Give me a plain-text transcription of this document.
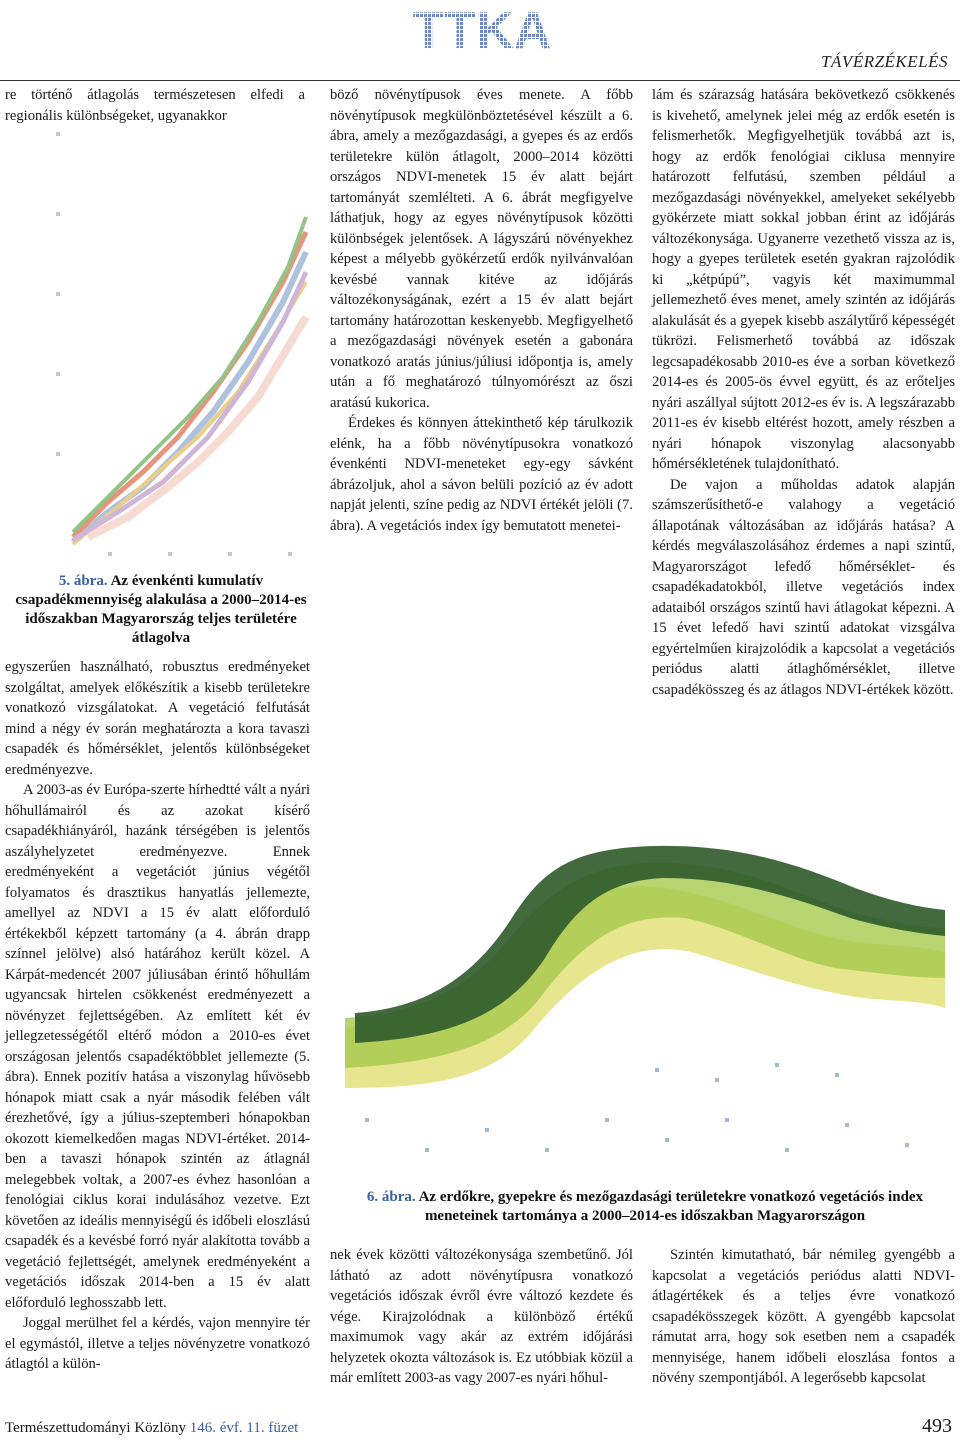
TTKA
TÁVÉRZÉKELÉS
5. ábra. Az évenkénti kumulatív csapadékmennyiség alakulása a 2000–2014-es időszakban Magyarország teljes területére átlagolva

re történő átlagolás természetesen elfedi a regionális különbségeket, ugyanakkor

egyszerűen használható, robusztus eredményeket szolgáltat, amelyek előkészítik a kisebb területekre vonatkozó vizsgálatokat. A vegetáció felfutását mind a négy év során meghatározta a kora tavaszi csapadék és hőmérséklet, jelentős különbségeket eredményezve.

A 2003-as év Európa-szerte hírhedtté vált a nyári hőhullámairól és az azokat kísérő csapadékhiányáról, hazánk térségében is jelentős aszályhelyzetet eredményezve. Ennek eredményeként a vegetációt június végétől folyamatos és drasztikus hanyatlás jellemezte, amellyel az NDVI a 15 év alatt előforduló értékekből képzett tartomány (a 4. ábrán drapp színnel jelölve) alsó határához került közel. A Kárpát-medencét 2007 júliusában érintő hőhullám ugyancsak hirtelen csökkenést eredményezett a növényzet fejlettségében. Az említett két év jellegzetességétől eltérő módon a 2010-es évet országosan jelentős csapadéktöbblet jellemezte (5. ábra). Ennek pozitív hatása a viszonylag hűvösebb hónapok miatt csak a nyár második felében vált érezhetővé, így a július-szeptemberi hónapokban okozott kiemelkedően magas NDVI-értéket. 2014-ben a tavaszi hónapok szintén az átlagnál melegebbek voltak, a 2007-es évhez hasonlóan a fenológiai ciklus korai indulásához vezetve. Ezt követően az ideális mennyiségű és időbeli eloszlású csapadék és a kevésbé forró nyár alakította tovább a vegetáció fejlettségét, amelynek eredményeként a vegetációs időszak 2014-ben a 15 év alatt előforduló leghosszabb lett.

Joggal merülhet fel a kérdés, vajon mennyire tér el egymástól, illetve a teljes növényzetre vonatkozó átlagtól a külön-

böző növénytípusok éves menete. A főbb növénytípusok megkülönböztetésével készült a 6. ábra, amely a mezőgazdasági, a gyepes és az erdős területekre külön átlagolt, 2000–2014 közötti országos NDVI-menetek 15 év alatt bejárt tartományát szemlélteti. A 6. ábrát megfigyelve láthatjuk, hogy az egyes növénytípusok közötti különbségek jelentősek. A lágyszárú növényekhez képest a mélyebb gyökérzetű erdők nyilvánvalóan kevésbé vannak kitéve az időjárás változékonyságának, ezért a 15 év alatt bejárt tartomány határozottan keskenyebb. Megfigyelhető a mezőgazdasági növények esetén a gabonára vonatkozó aratás június/júliusi időpontja is, amely után a fő meghatározó túlnyomórészt az őszi aratású kukorica.

Érdekes és könnyen áttekinthető kép tárulkozik elénk, ha a főbb növénytípusokra vonatkozó évenkénti NDVI-meneteket egy-egy sávként ábrázoljuk, ahol a sávon belüli pozíció az év adott napját jelenti, színe pedig az NDVI értékét jelöli (7. ábra). A vegetációs index így bemutatott menetei-

lám és szárazság hatására bekövetkező csökkenés is kivehető, amelynek jelei még az erdők esetén is felismerhetők. Megfigyelhetjük továbbá azt is, hogy az erdők fenológiai ciklusa mennyire határozott felfutású, szemben például a mezőgazdasági növényekkel, amelyeket sekélyebb gyökérzete miatt sokkal jobban érint az időjárás változékonysága. Ugyanerre vezethető vissza az is, hogy a gyepes területek esetén gyakran rajzolódik ki „kétpúpú”, vagyis két maximummal jellemezhető éves menet, amely szintén az időjárás alakulását és a gyepek kisebb aszálytűrő képességét tükrözi. Felismerhető továbbá az időszak legcsapadékosabb 2010-es éve a sorban következő 2014-es és 2005-ös évvel együtt, és az erőteljes nyári aszállyal sújtott 2012-es év is. A legszárazabb 2011-es év kisebb eltérést hozott, amely részben a nyári hónapok viszonylag alacsonyabb hőmérsékletének tulajdonítható.

De vajon a műholdas adatok alapján számszerűsíthető-e valahogy a vegetáció állapotának változásában az időjárás hatása? A kérdés megválaszolásához érdemes a napi szintű, Magyarországot lefedő hőmérséklet- és csapadékadatokból, illetve vegetációs index adataiból országos szintű havi átlagokat képezni. A 15 évet lefedő havi szintű adatokat vizsgálva egyértelműen kirajzolódik a kapcsolat a vegetációs periódus alatti átlaghőmérséklet, illetve csapadékösszeg és az átlagos NDVI-értékek között.

6. ábra. Az erdőkre, gyepekre és mezőgazdasági területekre vonatkozó vegetációs index meneteinek tartománya a 2000–2014-es időszakban Magyarországon

nek évek közötti változékonysága szembetűnő. Jól látható az adott növénytípusra vonatkozó vegetációs időszak évről évre változó kezdete és vége. Kirajzolódnak a különböző értékű maximumok vagy akár az extrém időjárási helyzetek okozta változások is. Ez utóbbiak közül a már említett 2003-as vagy 2007-es nyári hőhul-

Szintén kimutatható, bár némileg gyengébb a kapcsolat a vegetációs periódus alatti NDVI-átlagértékek és a teljes évre vonatkozó csapadékösszegek között. A gyengébb kapcsolat rámutat arra, hogy sok esetben nem a csapadék mennyisége, hanem időbeli eloszlása fontos a növény szempontjából. A legerősebb kapcsolat

Természettudományi Közlöny 146. évf. 11. füzet	493
